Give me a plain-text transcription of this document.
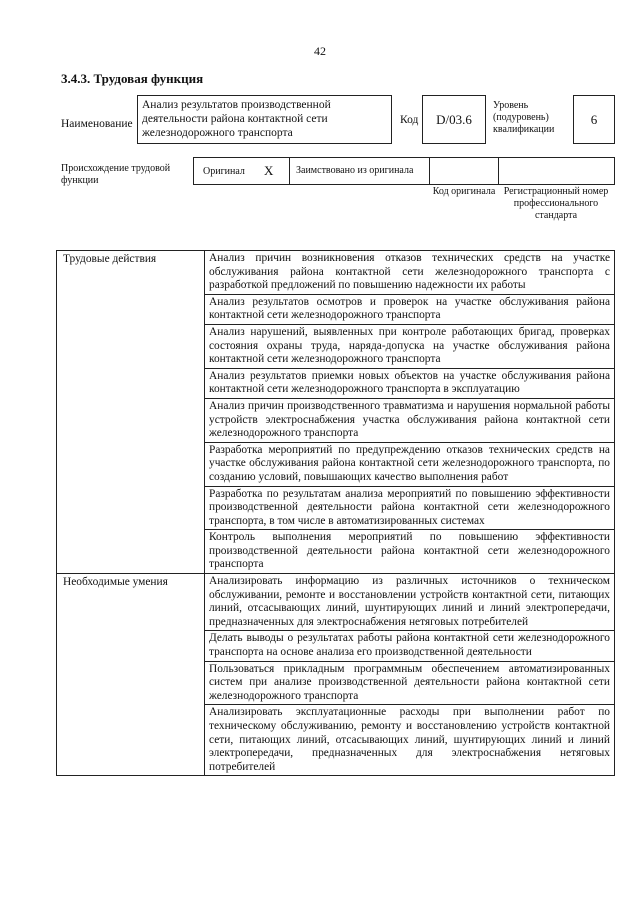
42
3.4.3. Трудовая функция
Наименование
Анализ результатов производственной деятельности района контактной сети железнодорожного транспорта
Код D/03.6
Уровень (подуровень) квалификации
6
Происхождение трудовой функции
Оригинал X	Заимствовано из оригинала
Код оригинала Регистрационный номер профессионального стандарта
Трудовые действия	Анализ причин возникновения отказов технических средств на участке обслуживания района контактной сети железнодорожного транспорта с разработкой предложений по повышению надежности их работы
	Анализ результатов осмотров и проверок на участке обслуживания района контактной сети железнодорожного транспорта
	Анализ нарушений, выявленных при контроле работающих бригад, проверках состояния охраны труда, наряда-допуска на участке обслуживания района контактной сети железнодорожного транспорта
	Анализ результатов приемки новых объектов на участке обслуживания района контактной сети железнодорожного транспорта в эксплуатацию
	Анализ причин производственного травматизма и нарушения нормальной работы устройств электроснабжения участка обслуживания района контактной сети железнодорожного транспорта
	Разработка мероприятий по предупреждению отказов технических средств на участке обслуживания района контактной сети железнодорожного транспорта, по созданию условий, повышающих качество выполнения работ
	Разработка по результатам анализа мероприятий по повышению эффективности производственной деятельности района контактной сети железнодорожного транспорта, в том числе в автоматизированных системах
	Контроль выполнения мероприятий по повышению эффективности производственной деятельности района контактной сети железнодорожного транспорта
Необходимые умения	Анализировать информацию из различных источников о техническом обслуживании, ремонте и восстановлении устройств контактной сети, питающих линий, отсасывающих линий, шунтирующих линий и линий электропередачи, предназначенных для электроснабжения нетяговых потребителей
	Делать выводы о результатах работы района контактной сети железнодорожного транспорта на основе анализа его производственной деятельности
	Пользоваться прикладным программным обеспечением автоматизированных систем при анализе производственной деятельности района контактной сети железнодорожного транспорта
	Анализировать эксплуатационные расходы при выполнении работ по техническому обслуживанию, ремонту и восстановлению устройств контактной сети, питающих линий, отсасывающих линий, шунтирующих линий и линий электропередачи, предназначенных для электроснабжения нетяговых потребителей
